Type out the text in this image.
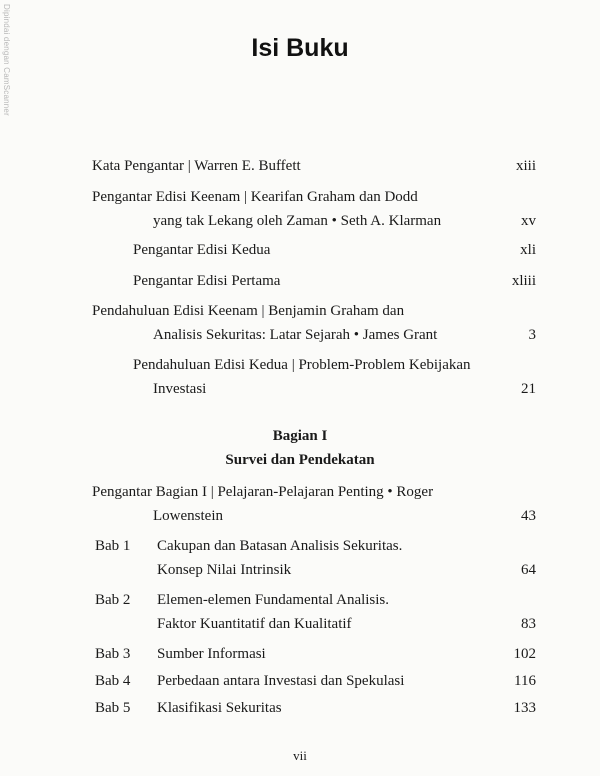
Dipindai dengan CamScanner	Isi Buku
Kata Pengantar | Warren E. Buffett	xiii
Pengantar Edisi Keenam | Kearifan Graham dan Dodd
yang tak Lekang oleh Zaman • Seth A. Klarman	xv
Pengantar Edisi Kedua	xli
Pengantar Edisi Pertama	xliii
Pendahuluan Edisi Keenam | Benjamin Graham dan
Analisis Sekuritas: Latar Sejarah • James Grant	3
Pendahuluan Edisi Kedua | Problem-Problem Kebijakan
Investasi	21
Bagian I
Survei dan Pendekatan
Pengantar Bagian I | Pelajaran-Pelajaran Penting • Roger
Lowenstein	43
Bab 1 Cakupan dan Batasan Analisis Sekuritas.
Konsep Nilai Intrinsik	64
Bab 2 Elemen-elemen Fundamental Analisis.
Faktor Kuantitatif dan Kualitatif	83
Bab 3 Sumber Informasi	102
Bab 4 Perbedaan antara Investasi dan Spekulasi	116
Bab 5 Klasifikasi Sekuritas	133
vii
